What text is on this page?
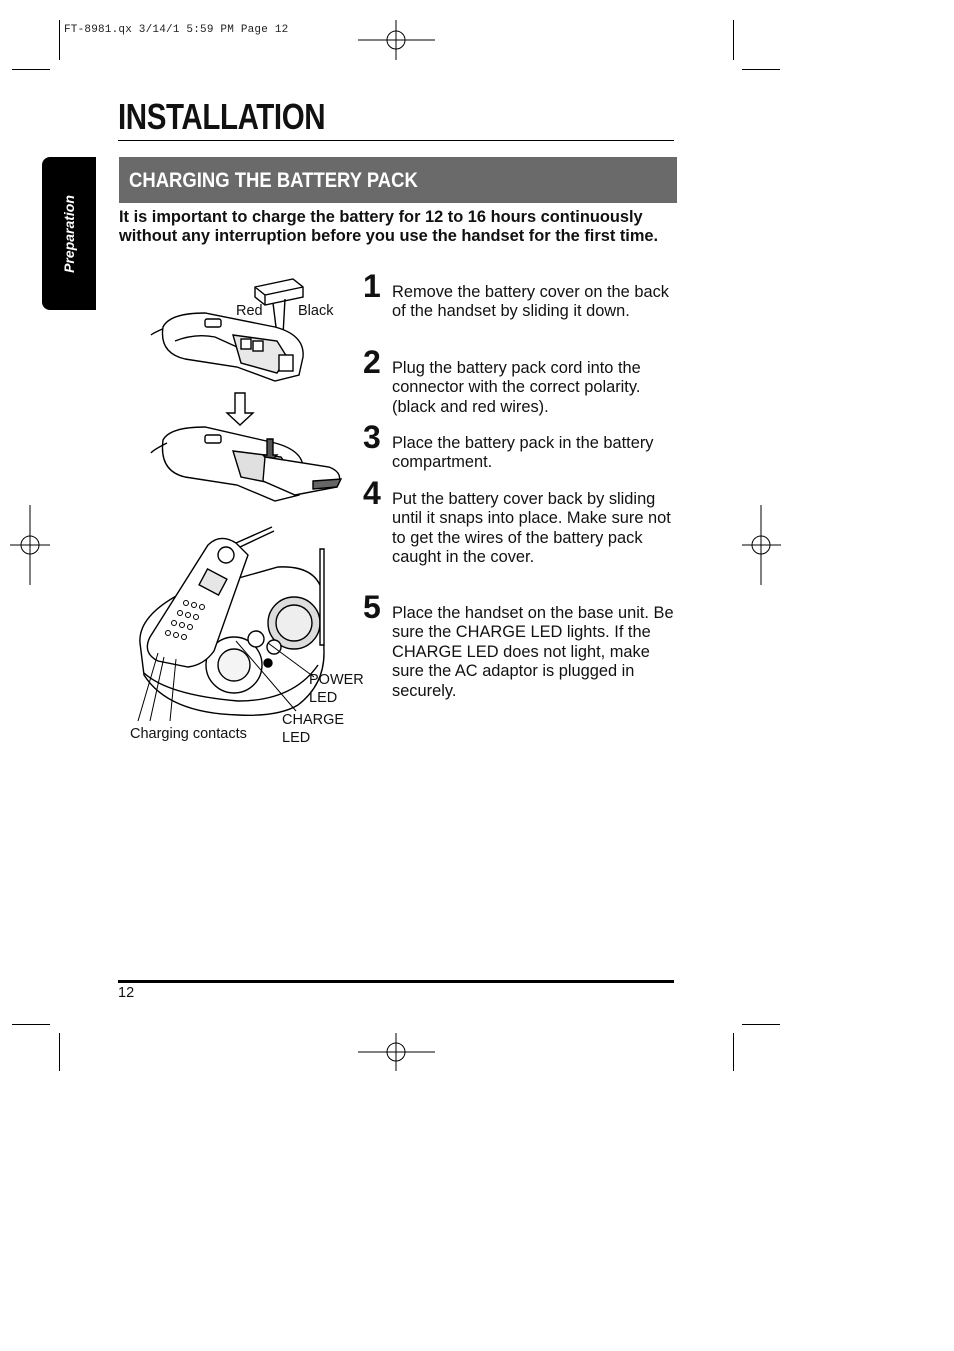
FT-8981.qx 3/14/1 5:59 PM Page 12
INSTALLATION
Preparation
CHARGING THE BATTERY PACK
It is important to charge the battery for 12 to 16 hours continuously without any interruption before you use the handset for the first time.
Red Black
POWER
LED
CHARGE
LED
Charging contacts
1 Remove the battery cover on the back of the handset by sliding it down.
2 Plug the battery pack cord into the connector with the correct polarity. (black and red wires).
3 Place the battery pack in the battery compartment.
4 Put the battery cover back by sliding until it snaps into place. Make sure not to get the wires of the battery pack caught in the cover.
5 Place the handset on the base unit. Be sure the CHARGE LED lights. If the CHARGE LED does not light, make sure the AC adaptor is plugged in securely.
12
